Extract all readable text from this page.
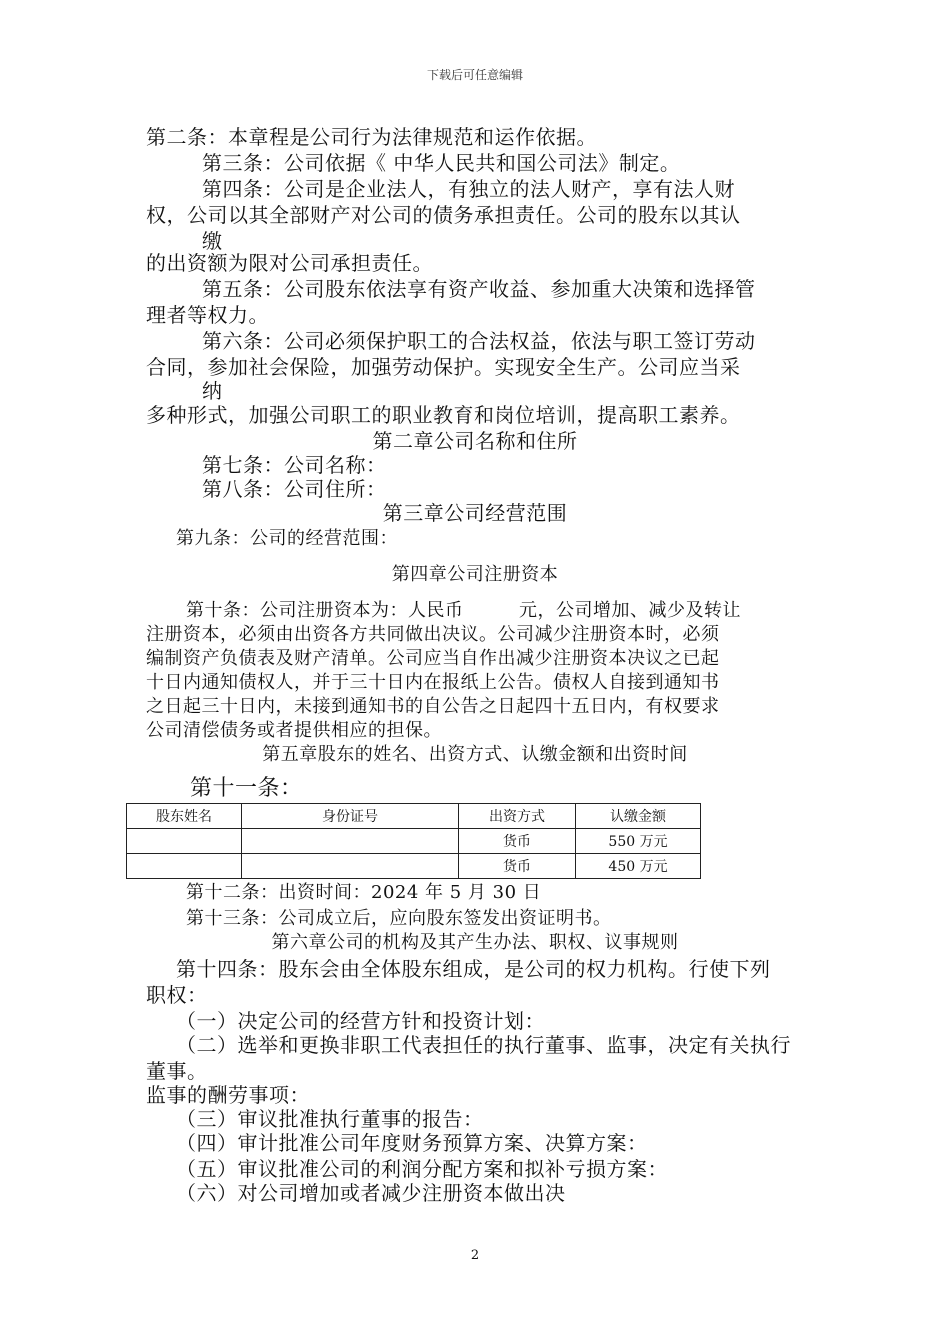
下载后可任意编辑
第二条：本章程是公司行为法律规范和运作依据。
第三条：公司依据《 中华人民共和国公司法》制定。
第四条：公司是企业法人，有独立的法人财产，享有法人财
权，公司以其全部财产对公司的债务承担责任。公司的股东以其认
缴
的出资额为限对公司承担责任。
第五条：公司股东依法享有资产收益、参加重大决策和选择管
理者等权力。
第六条：公司必须保护职工的合法权益，依法与职工签订劳动
合同，参加社会保险，加强劳动保护。实现安全生产。公司应当采
纳
多种形式，加强公司职工的职业教育和岗位培训，提高职工素养。
第二章公司名称和住所
第七条：公司名称：
第八条：公司住所：
第三章公司经营范围
第九条：公司的经营范围：
第四章公司注册资本
第十条：公司注册资本为：人民币　　　元，公司增加、减少及转让
注册资本，必须由出资各方共同做出决议。公司减少注册资本时，必须
编制资产负债表及财产清单。公司应当自作出减少注册资本决议之已起
十日内通知债权人，并于三十日内在报纸上公告。债权人自接到通知书
之日起三十日内，未接到通知书的自公告之日起四十五日内，有权要求
公司清偿债务或者提供相应的担保。
第五章股东的姓名、出资方式、认缴金额和出资时间
第十一条：
股东姓名	身份证号	出资方式	认缴金额
		货币	550 万元
		货币	450 万元
第十二条：出资时间：2024 年 5 月 30 日
第十三条：公司成立后，应向股东签发出资证明书。
第六章公司的机构及其产生办法、职权、议事规则
第十四条：股东会由全体股东组成，是公司的权力机构。行使下列
职权：
（一）决定公司的经营方针和投资计划：
（二）选举和更换非职工代表担任的执行董事、监事，决定有关执行
董事。
监事的酬劳事项：
（三）审议批准执行董事的报告：
（四）审计批准公司年度财务预算方案、决算方案：
（五）审议批准公司的利润分配方案和拟补亏损方案：
（六）对公司增加或者减少注册资本做出决
2
